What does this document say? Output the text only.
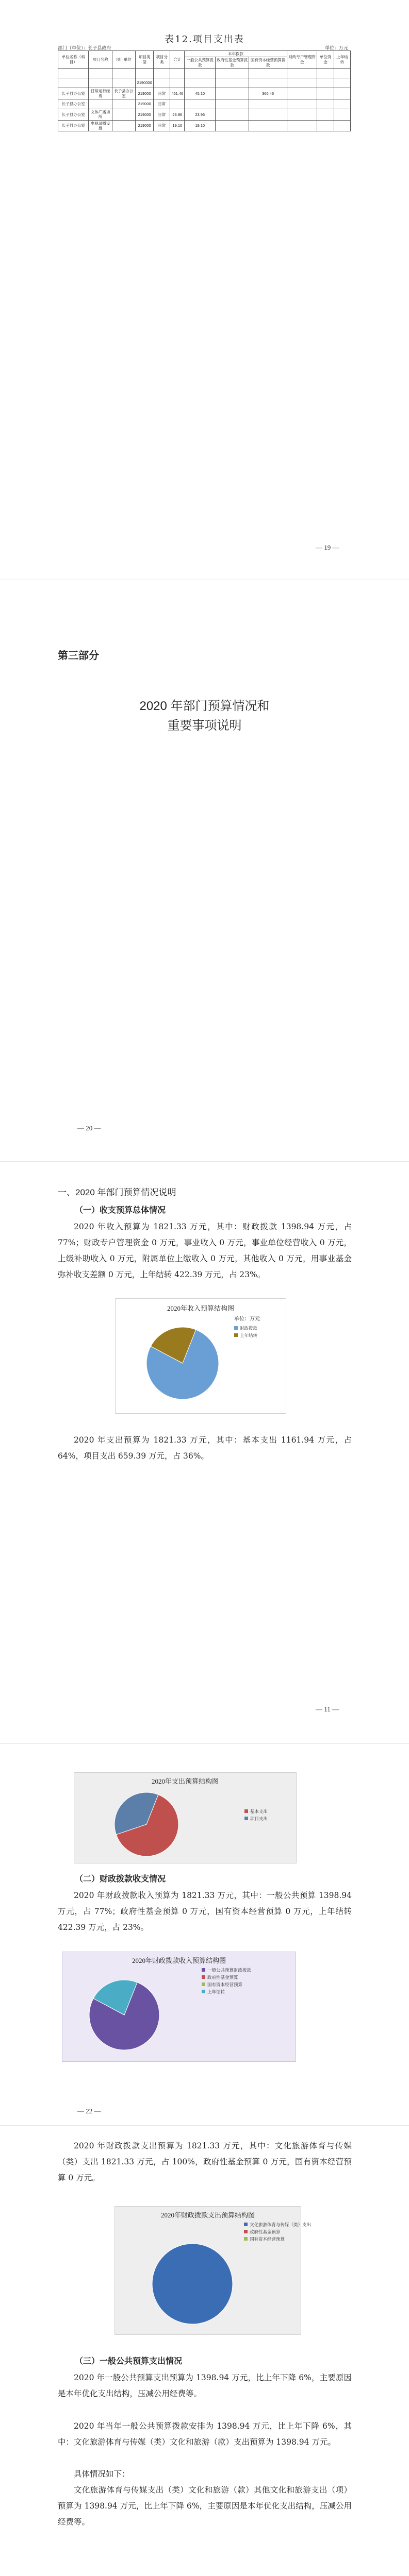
表12.项目支出表
部门（单位）：长子县政府	单位：万元
单位名称（科目）	项目名称	项目单位	项目类型	项目分类	合计	本年拨款			财政专户管理资金	单位资金	上年结转
						一般公共预算拨款	政府性基金预算拨款	国有资本经营预算拨款			

			2190000								
长子县办公室	日常运行经费	长子县办公室	219000	日常	451.46	45.10		366.46			
长子县办公室			219000	日常							
长子县办公室	文体广播场所		219000	日常	23.96	23.96					
长子县办公室	电视录播设施		219000	日常	19.10	19.10					
— 19 —
第三部分
2020 年部门预算情况和
重要事项说明
— 20 —
一、2020 年部门预算情况说明
（一）收支预算总体情况
2020 年收入预算为 1821.33 万元，其中：财政拨款 1398.94 万元，占 77%；财政专户管理资金 0 万元，事业收入 0 万元，事业单位经营收入 0 万元，上级补助收入 0 万元，附属单位上缴收入 0 万元，其他收入 0 万元，用事业基金弥补收支差额 0 万元，上年结转 422.39 万元，占 23%。
2020年收入预算结构图
单位：万元
财政拨款
上年结转
2020 年支出预算为 1821.33 万元，其中：基本支出 1161.94 万元，占 64%，项目支出 659.39 万元，占 36%。
— 11 —
2020年支出预算结构图
基本支出
项目支出
（二）财政拨款收支情况
2020 年财政拨款收入预算为 1821.33 万元，其中：一般公共预算 1398.94 万元，占 77%；政府性基金预算 0 万元，国有资本经营预算 0 万元，上年结转 422.39 万元，占 23%。
2020年财政拨款收入预算结构图
一般公共预算财政拨款
政府性基金预算
国有资本经营预算
上年结转
— 22 —
2020 年财政拨款支出预算为 1821.33 万元，其中：文化旅游体育与传媒（类）支出 1821.33 万元，占 100%，政府性基金预算 0 万元，国有资本经营预算 0 万元。
2020年财政拨款支出预算结构图
文化旅游体育与传媒（类）支出
政府性基金预算
国有资本经营预算
（三）一般公共预算支出情况
2020 年一般公共预算支出预算为 1398.94 万元，比上年下降 6%，主要原因是本年优化支出结构，压减公用经费等。
2020 年当年一般公共预算拨款安排为 1398.94 万元，比上年下降 6%，其中：文化旅游体育与传媒（类）文化和旅游（款）支出预算为 1398.94 万元。
具体情况如下：
文化旅游体育与传媒支出（类）文化和旅游（款）其他文化和旅游支出（项）预算为 1398.94 万元，比上年下降 6%，主要原因是本年优化支出结构，压减公用经费等。
